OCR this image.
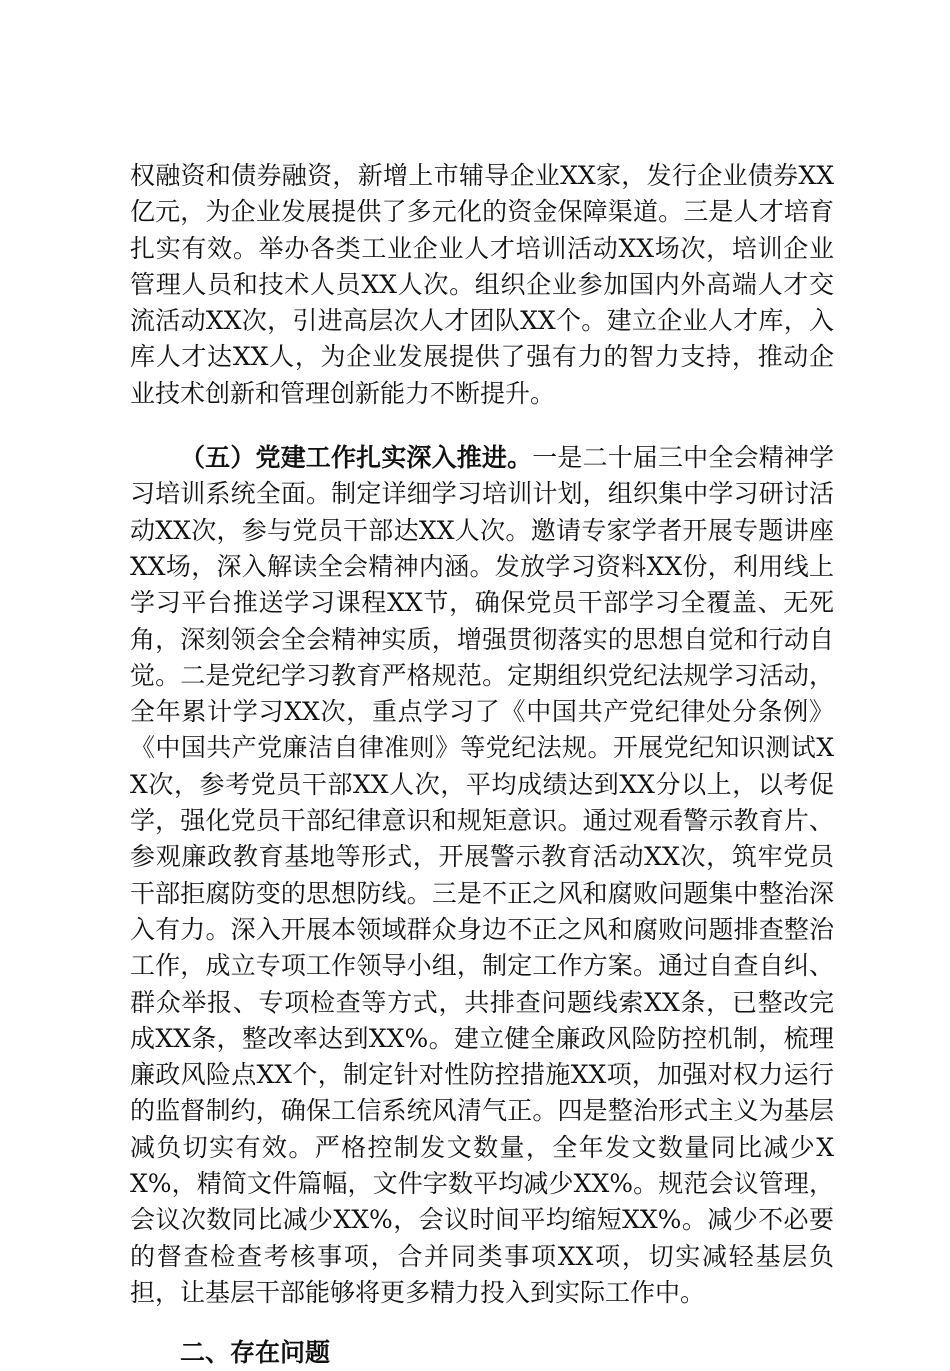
权融资和债券融资，新增上市辅导企业XX家，发行企业债券XX亿元，为企业发展提供了多元化的资金保障渠道。三是人才培育扎实有效。举办各类工业企业人才培训活动XX场次，培训企业管理人员和技术人员XX人次。组织企业参加国内外高端人才交流活动XX次，引进高层次人才团队XX个。建立企业人才库，入库人才达XX人，为企业发展提供了强有力的智力支持，推动企业技术创新和管理创新能力不断提升。

（五）党建工作扎实深入推进。一是二十届三中全会精神学习培训系统全面。制定详细学习培训计划，组织集中学习研讨活动XX次，参与党员干部达XX人次。邀请专家学者开展专题讲座XX场，深入解读全会精神内涵。发放学习资料XX份，利用线上学习平台推送学习课程XX节，确保党员干部学习全覆盖、无死角，深刻领会全会精神实质，增强贯彻落实的思想自觉和行动自觉。二是党纪学习教育严格规范。定期组织党纪法规学习活动，全年累计学习XX次，重点学习了《中国共产党纪律处分条例》《中国共产党廉洁自律准则》等党纪法规。开展党纪知识测试XX次，参考党员干部XX人次，平均成绩达到XX分以上，以考促学，强化党员干部纪律意识和规矩意识。通过观看警示教育片、参观廉政教育基地等形式，开展警示教育活动XX次，筑牢党员干部拒腐防变的思想防线。三是不正之风和腐败问题集中整治深入有力。深入开展本领域群众身边不正之风和腐败问题排查整治工作，成立专项工作领导小组，制定工作方案。通过自查自纠、群众举报、专项检查等方式，共排查问题线索XX条，已整改完成XX条，整改率达到XX%。建立健全廉政风险防控机制，梳理廉政风险点XX个，制定针对性防控措施XX项，加强对权力运行的监督制约，确保工信系统风清气正。四是整治形式主义为基层减负切实有效。严格控制发文数量，全年发文数量同比减少XX%，精简文件篇幅，文件字数平均减少XX%。规范会议管理，会议次数同比减少XX%，会议时间平均缩短XX%。减少不必要的督查检查考核事项，合并同类事项XX项，切实减轻基层负担，让基层干部能够将更多精力投入到实际工作中。

二、存在问题
